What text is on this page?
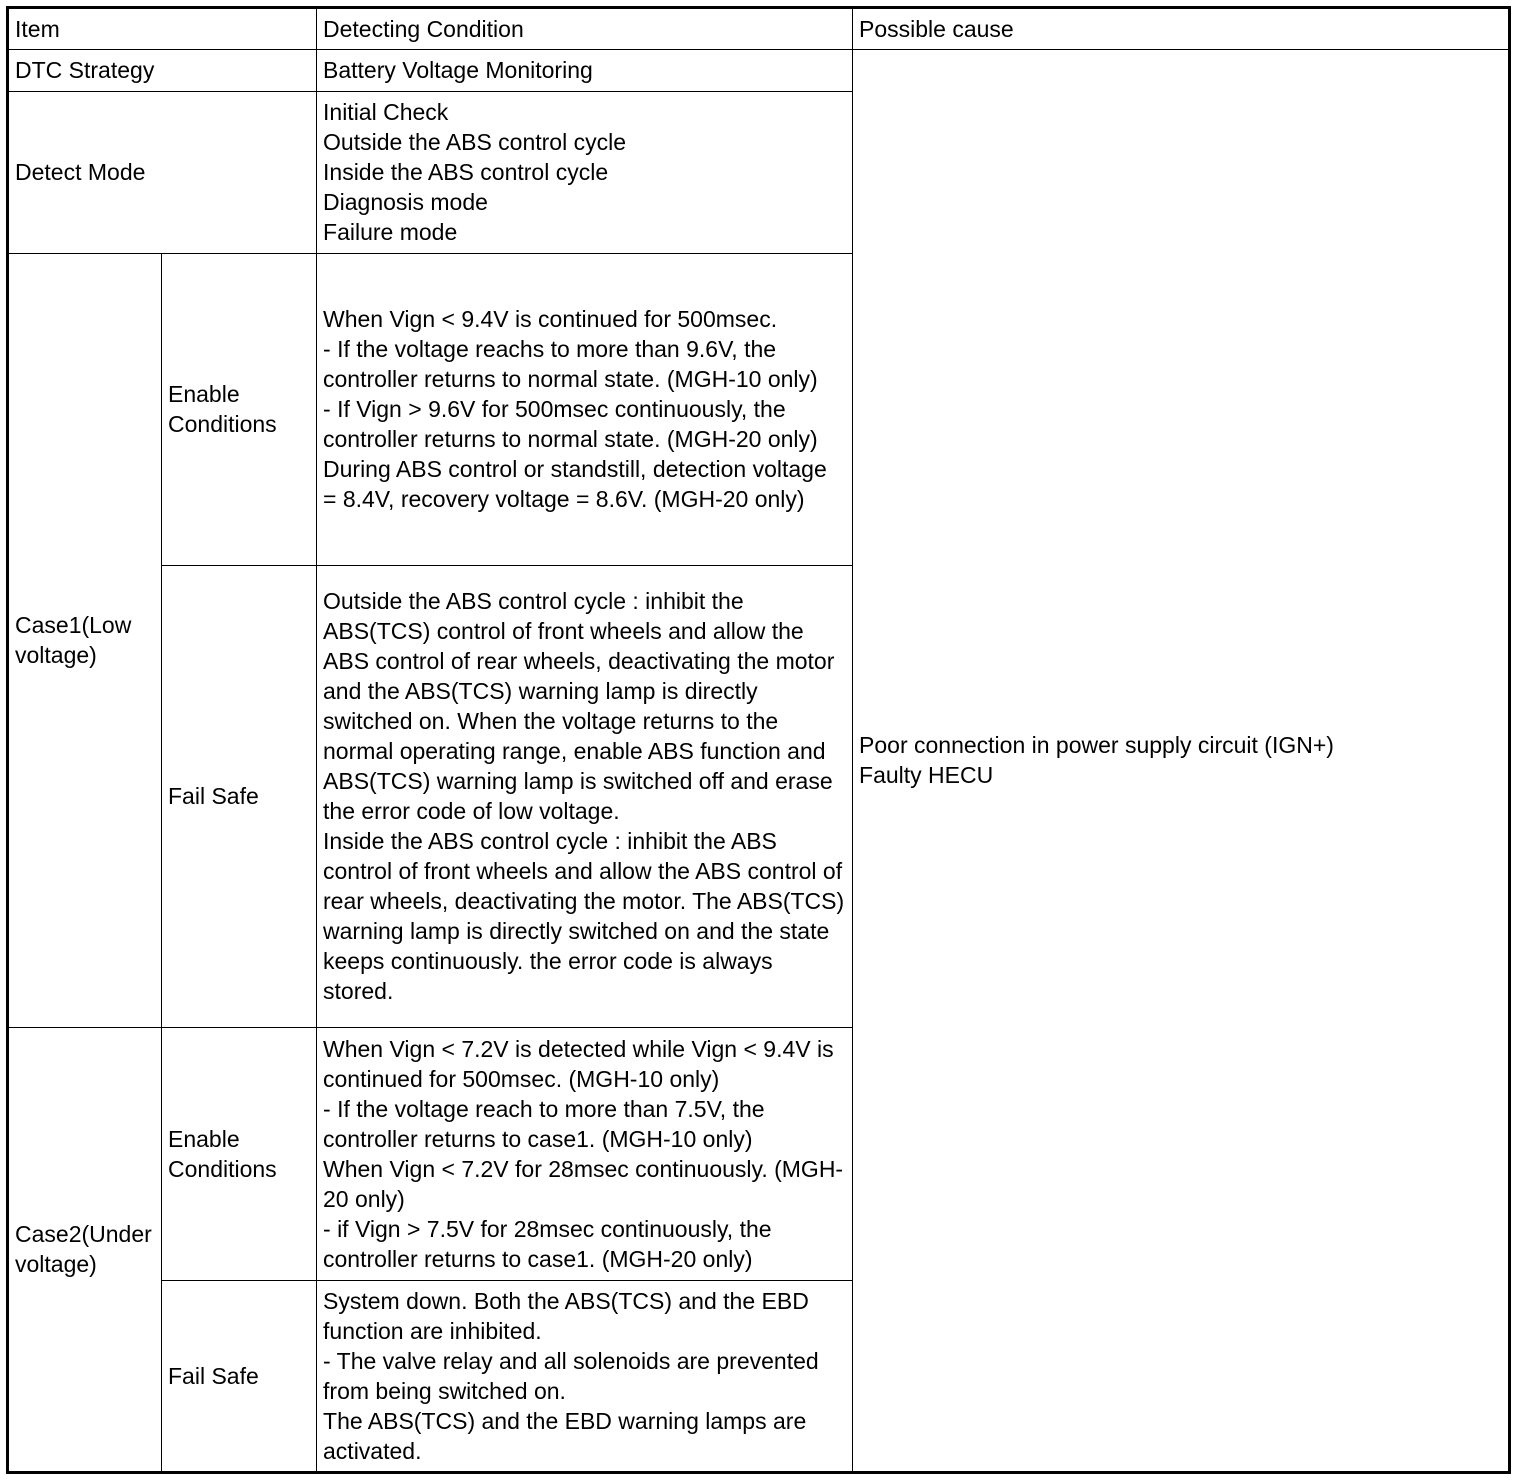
Item		Detecting Condition	Possible cause
DTC Strategy		Battery Voltage Monitoring	Poor connection in power supply circuit (IGN+)
Faulty HECU

Detect Mode		Initial Check
Outside the ABS control cycle
Inside the ABS control cycle
Diagnosis mode
Failure mode	

Case1(Low voltage)	Enable Conditions	When Vign < 9.4V is continued for 500msec.
- If the voltage reachs to more than 9.6V, the controller returns to normal state. (MGH-10 only)
- If Vign > 9.6V for 500msec continuously, the controller returns to normal state. (MGH-20 only)
During ABS control or standstill, detection voltage = 8.4V, recovery voltage = 8.6V. (MGH-20 only)	

	Fail Safe	Outside the ABS control cycle : inhibit the ABS(TCS) control of front wheels and allow the ABS control of rear wheels, deactivating the motor and the ABS(TCS) warning lamp is directly switched on. When the voltage returns to the normal operating range, enable ABS function and ABS(TCS) warning lamp is switched off and erase the error code of low voltage.
Inside the ABS control cycle : inhibit the ABS control of front wheels and allow the ABS control of rear wheels, deactivating the motor. The ABS(TCS) warning lamp is directly switched on and the state keeps continuously. the error code is always stored.	

Case2(Under voltage)	Enable Conditions	When Vign < 7.2V is detected while Vign < 9.4V is continued for 500msec. (MGH-10 only)
- If the voltage reach to more than 7.5V, the controller returns to case1. (MGH-10 only)
When Vign < 7.2V for 28msec continuously. (MGH-20 only)
- if Vign > 7.5V for 28msec continuously, the controller returns to case1. (MGH-20 only)	

	Fail Safe	System down. Both the ABS(TCS) and the EBD function are inhibited.
- The valve relay and all solenoids are prevented from being switched on.
The ABS(TCS) and the EBD warning lamps are activated.	
